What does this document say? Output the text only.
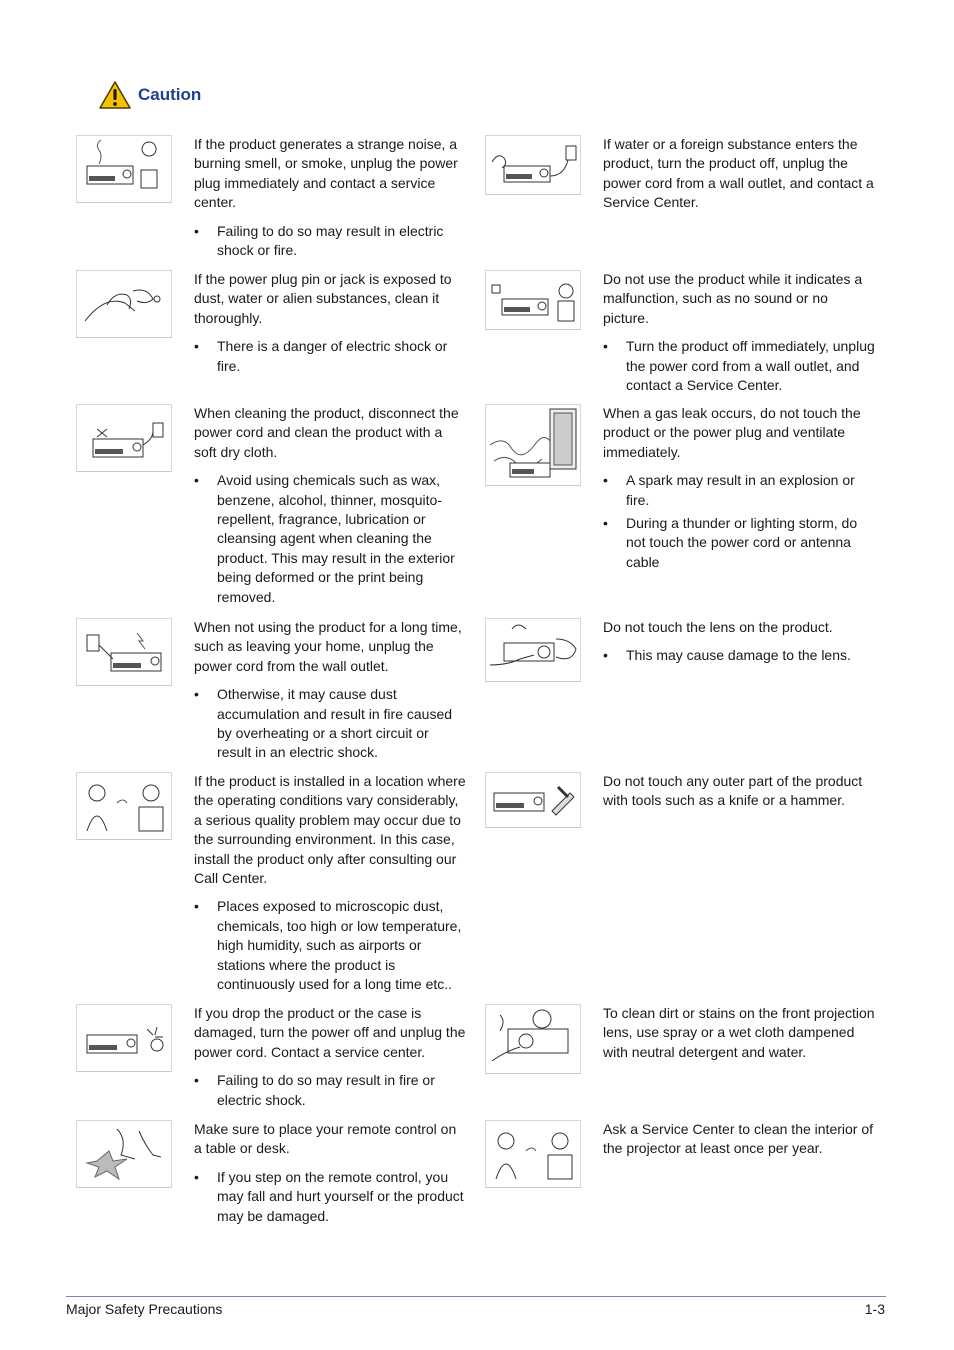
Caution

If the product generates a strange noise, a burning smell, or smoke, unplug the power plug immediately and contact a service center.

• Failing to do so may result in electric shock or fire.

If the power plug pin or jack is exposed to dust, water or alien substances, clean it thoroughly.

• There is a danger of electric shock or fire.

When cleaning the product, disconnect the power cord and clean the product with a soft dry cloth.

• Avoid using chemicals such as wax, benzene, alcohol, thinner, mosquito-repellent, fragrance, lubrication or cleansing agent when cleaning the product. This may result in the exterior being deformed or the print being removed.

When not using the product for a long time, such as leaving your home, unplug the power cord from the wall outlet.

• Otherwise, it may cause dust accumulation and result in fire caused by overheating or a short circuit or result in an electric shock.

If the product is installed in a location where the operating conditions vary considerably, a serious quality problem may occur due to the surrounding environment. In this case, install the product only after consulting our Call Center.

• Places exposed to microscopic dust, chemicals, too high or low temperature, high humidity, such as airports or stations where the product is continuously used for a long time etc..

If you drop the product or the case is damaged, turn the power off and unplug the power cord. Contact a service center.

• Failing to do so may result in fire or electric shock.

Make sure to place your remote control on a table or desk.

• If you step on the remote control, you may fall and hurt yourself or the product may be damaged.

If water or a foreign substance enters the product, turn the product off, unplug the power cord from a wall outlet, and contact a Service Center.

Do not use the product while it indicates a malfunction, such as no sound or no picture.

• Turn the product off immediately, unplug the power cord from a wall outlet, and contact a Service Center.

When a gas leak occurs, do not touch the product or the power plug and ventilate immediately.

• A spark may result in an explosion or fire.
• During a thunder or lighting storm, do not touch the power cord or antenna cable

Do not touch the lens on the product.

• This may cause damage to the lens.

Do not touch any outer part of the product with tools such as a knife or a hammer.

To clean dirt or stains on the front projection lens, use spray or a wet cloth dampened with neutral detergent and water.

Ask a Service Center to clean the interior of the projector at least once per year.

Major Safety Precautions	1-3
